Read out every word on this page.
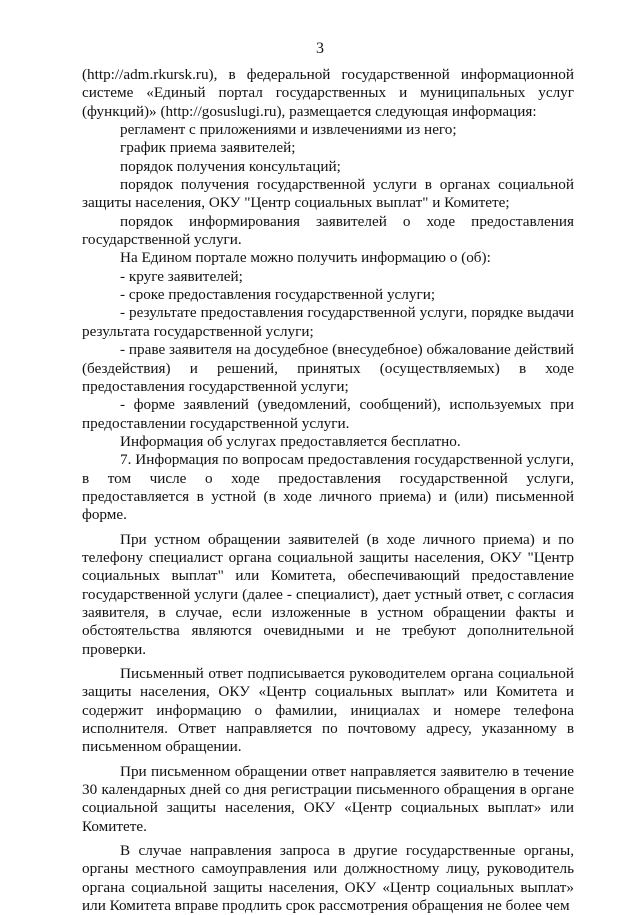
3

(http://adm.rkursk.ru), в федеральной государственной информационной системе «Единый портал государственных и муниципальных услуг (функций)» (http://gosuslugi.ru), размещается следующая информация:

регламент с приложениями и извлечениями из него;

график приема заявителей;

порядок получения консультаций;

порядок получения государственной услуги в органах социальной защиты населения, ОКУ "Центр социальных выплат" и Комитете;

порядок информирования заявителей о ходе предоставления государственной услуги.

На Едином портале можно получить информацию о (об):

- круге заявителей;

- сроке предоставления государственной услуги;

- результате предоставления государственной услуги, порядке выдачи результата государственной услуги;

- праве заявителя на досудебное (внесудебное) обжалование действий (бездействия) и решений, принятых (осуществляемых) в ходе предоставления государственной услуги;

- форме заявлений (уведомлений, сообщений), используемых при предоставлении государственной услуги.

Информация об услугах предоставляется бесплатно.

7. Информация по вопросам предоставления государственной услуги, в том числе о ходе предоставления государственной услуги, предоставляется в устной (в ходе личного приема) и (или) письменной форме.

При устном обращении заявителей (в ходе личного приема) и по телефону специалист органа социальной защиты населения, ОКУ "Центр социальных выплат" или Комитета, обеспечивающий предоставление государственной услуги (далее - специалист), дает устный ответ, с согласия заявителя, в случае, если изложенные в устном обращении факты и обстоятельства являются очевидными и не требуют дополнительной проверки.

Письменный ответ подписывается руководителем органа социальной защиты населения, ОКУ «Центр социальных выплат» или Комитета и содержит информацию о фамилии, инициалах и номере телефона исполнителя. Ответ направляется по почтовому адресу, указанному в письменном обращении.

При письменном обращении ответ направляется заявителю в течение 30 календарных дней со дня регистрации письменного обращения в органе социальной защиты населения, ОКУ «Центр социальных выплат» или Комитете.

В случае направления запроса в другие государственные органы, органы местного самоуправления или должностному лицу, руководитель органа социальной защиты населения, ОКУ «Центр социальных выплат» или Комитета вправе продлить срок рассмотрения обращения не более чем
